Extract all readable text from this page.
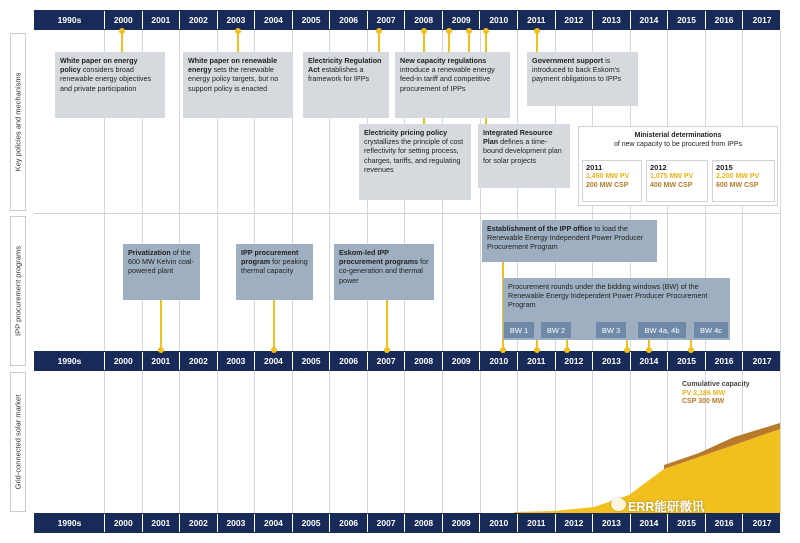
Key policies and mechanisms
IPP procurement programs
Grid-connected solar market
1990s	2000	2001	2002	2003	2004	2005	2006	2007	2008	2009	2010	2011	2012	2013	2014	2015	2016	2017
1990s	2000	2001	2002	2003	2004	2005	2006	2007	2008	2009	2010	2011	2012	2013	2014	2015	2016	2017
1990s	2000	2001	2002	2003	2004	2005	2006	2007	2008	2009	2010	2011	2012	2013	2014	2015	2016	2017
White paper on energy policy considers broad renewable energy objectives and private participation
White paper on renewable energy sets the renewable energy policy targets, but no support policy is enacted
Electricity Regulation Act establishes a framework for IPPs
New capacity regulations introduce a renewable energy feed-in tariff and competitive procurement of IPPs
Government support is introduced to back Eskom's payment obligations to IPPs
Electricity pricing policy crystallizes the principle of cost reflectivity for setting process, charges, tariffs, and regulating revenues
Integrated Resource Plan defines a time-bound development plan for solar projects
Ministerial determinations
of new capacity to be procured from IPPs
2011
1,450 MW PV
200 MW CSP
2012
1,075 MW PV
400 MW CSP
2015
2,200 MW PV
600 MW CSP
Privatization of the 600 MW Kelvin coal-powered plant
IPP procurement program for peaking thermal capacity
Eskom-led IPP procurement programs for co-generation and thermal power
Establishment of the IPP office to load the Renewable Energy Independent Power Producer Procurement Program
Procurement rounds under the bidding windows (BW) of the Renewable Energy Independent Power Producer Procurement Program
BW 1 BW 2	BW 3	BW 4a, 4b	BW 4c
Cumulative capacity
PV 2,186 MW
CSP 300 MW
ERR能研微讯
